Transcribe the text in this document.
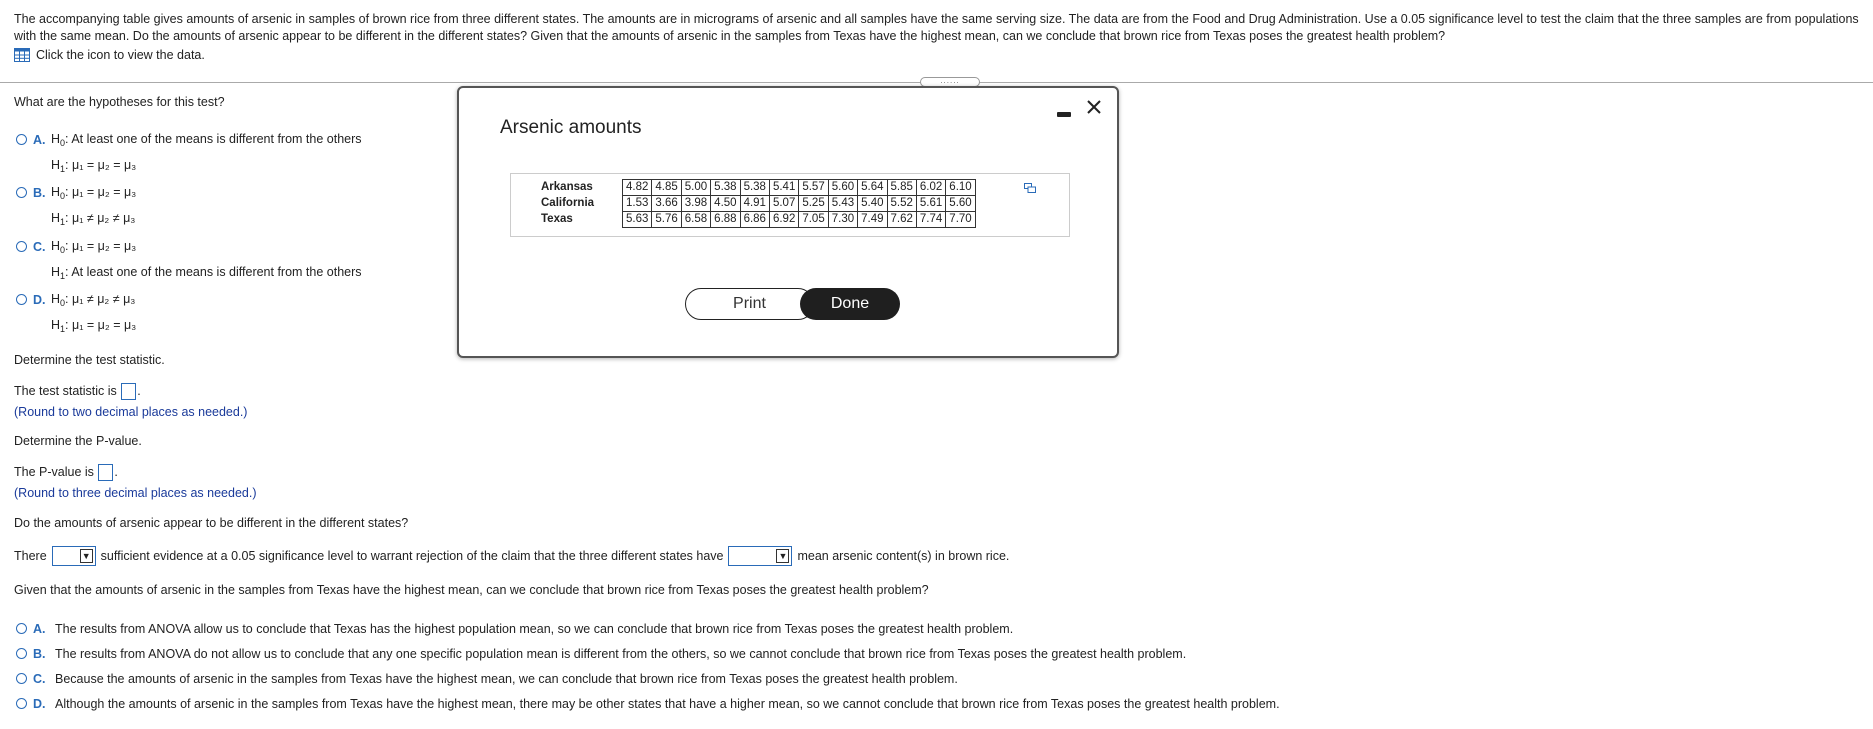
The accompanying table gives amounts of arsenic in samples of brown rice from three different states. The amounts are in micrograms of arsenic and all samples have the same serving size. The data are from the Food and Drug Administration. Use a 0.05 significance level to test the claim that the three samples are from populations with the same mean. Do the amounts of arsenic appear to be different in the different states? Given that the amounts of arsenic in the samples from Texas have the highest mean, can we conclude that brown rice from Texas poses the greatest health problem?
Click the icon to view the data.
......
What are the hypotheses for this test?
A. $H_0$: At least one of the means is different from the others
$H_1$: μ₁ = μ₂ = μ₃
B. $H_0$: μ₁ = μ₂ = μ₃
$H_1$: μ₁ ≠ μ₂ ≠ μ₃
C. $H_0$: μ₁ = μ₂ = μ₃
$H_1$: At least one of the means is different from the others
D. $H_0$: μ₁ ≠ μ₂ ≠ μ₃
$H_1$: μ₁ = μ₂ = μ₃
Determine the test statistic.
The test statistic is .
(Round to two decimal places as needed.)
Determine the P-value.
The P-value is .
(Round to three decimal places as needed.)
Do the amounts of arsenic appear to be different in the different states?
There	▼ sufficient evidence at a 0.05 significance level to warrant rejection of the claim that the three different states have	▼ mean arsenic content(s) in brown rice.
Given that the amounts of arsenic in the samples from Texas have the highest mean, can we conclude that brown rice from Texas poses the greatest health problem?
A. The results from ANOVA allow us to conclude that Texas has the highest population mean, so we can conclude that brown rice from Texas poses the greatest health problem.
B. The results from ANOVA do not allow us to conclude that any one specific population mean is different from the others, so we cannot conclude that brown rice from Texas poses the greatest health problem.
C. Because the amounts of arsenic in the samples from Texas have the highest mean, we can conclude that brown rice from Texas poses the greatest health problem.
D. Although the amounts of arsenic in the samples from Texas have the highest mean, there may be other states that have a higher mean, so we cannot conclude that brown rice from Texas poses the greatest health problem.
Arsenic amounts
Arkansas	4.82	4.85	5.00	5.38	5.38	5.41	5.57	5.60	5.64	5.85	6.02	6.10
California	1.53	3.66	3.98	4.50	4.91	5.07	5.25	5.43	5.40	5.52	5.61	5.60
Texas	5.63	5.76	6.58	6.88	6.86	6.92	7.05	7.30	7.49	7.62	7.74	7.70
Print	Done
